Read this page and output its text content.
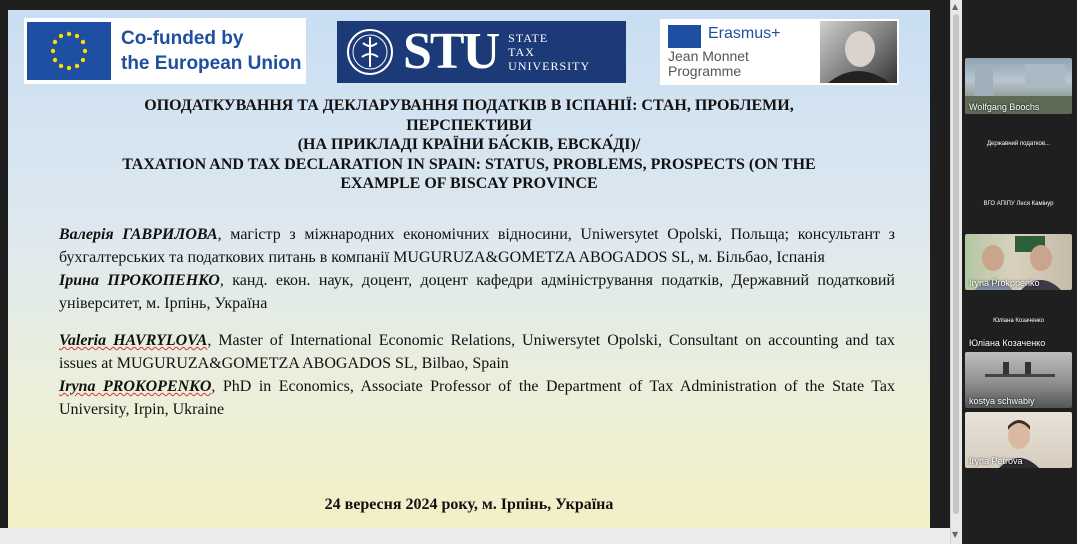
Co-funded by
the European Union STU STATE
TAX
UNIVERSITY
Erasmus+
Jean Monnet
Programme
ОПОДАТКУВАННЯ ТА ДЕКЛАРУВАННЯ ПОДАТКІВ В ІСПАНІЇ: СТАН, ПРОБЛЕМИ,
ПЕРСПЕКТИВИ
(НА ПРИКЛАДІ КРАЇНИ БА́СКІВ, ЕВСКА́ДІ)/
TAXATION AND TAX DECLARATION IN SPAIN: STATUS, PROBLEMS, PROSPECTS (ON THE
EXAMPLE OF BISCAY PROVINCE

Валерія ГАВРИЛОВА, магістр з міжнародних економічних відносини, Uniwersytet Opolski, Польща; консультант з бухгалтерських та податкових питань в компанії MUGURUZA&GOMETZA ABOGADOS SL, м. Більбао, Іспанія

Ірина ПРОКОПЕНКО, канд. екон. наук, доцент, доцент кафедри адміністрування податків, Державний податковий університет, м. Ірпінь, Україна

Valeria HAVRYLOVA, Master of International Economic Relations, Uniwersytet Opolski, Consultant on accounting and tax issues at MUGURUZA&GOMETZA ABOGADOS SL, Bilbao, Spain

Iryna PROKOPENKO, PhD in Economics, Associate Professor of the Department of Tax Administration of the State Tax University, Irpin, Ukraine

24 вересня 2024 року, м. Ірпінь, Україна
▲
▼
Wolfgang Boochs
Державний податков...
ВГО АПІПУ Леся Камінур
Iryna Prokopenko
Юліана Козаченко
Юліана Козаченко
kostya schwabiy
Iryna Petrova
